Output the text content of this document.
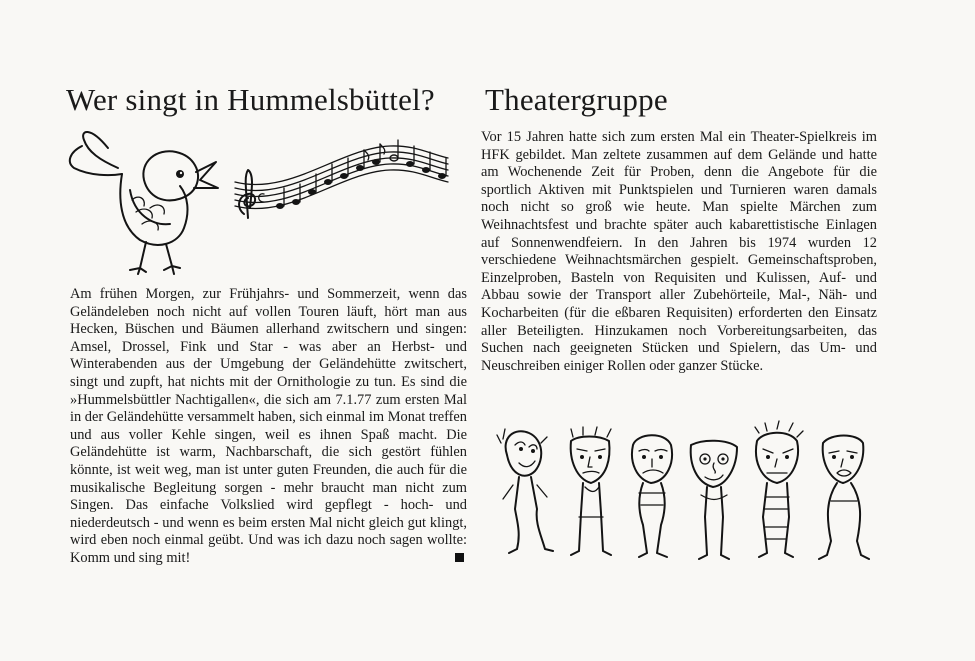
Wer singt in Hummelsbüttel? Theatergruppe

Am frühen Morgen, zur Frühjahrs- und Sommerzeit, wenn das Geländeleben noch nicht auf vollen Touren läuft, hört man aus Hecken, Büschen und Bäumen allerhand zwitschern und singen: Amsel, Drossel, Fink und Star - was aber an Herbst- und Winterabenden aus der Umgebung der Geländehütte zwitschert, singt und zupft, hat nichts mit der Ornithologie zu tun. Es sind die »Hummelsbüttler Nachtigallen«, die sich am 7.1.77 zum ersten Mal in der Geländehütte versammelt haben, sich einmal im Monat treffen und aus voller Kehle singen, weil es ihnen Spaß macht. Die Geländehütte ist warm, Nachbarschaft, die sich gestört fühlen könnte, ist weit weg, man ist unter guten Freunden, die auch für die musikalische Begleitung sorgen - mehr braucht man nicht zum Singen. Das einfache Volkslied wird gepflegt - hoch- und niederdeutsch - und wenn es beim ersten Mal nicht gleich gut klingt, wird eben noch einmal geübt. Und was ich dazu noch sagen wollte: Komm und sing mit!

Vor 15 Jahren hatte sich zum ersten Mal ein Theater-Spielkreis im HFK gebildet. Man zeltete zusammen auf dem Gelände und hatte am Wochenende Zeit für Proben, denn die Angebote für die sportlich Aktiven mit Punktspielen und Turnieren waren damals noch nicht so groß wie heute. Man spielte Märchen zum Weihnachtsfest und brachte später auch kabarettistische Einlagen auf Sonnenwendfeiern. In den Jahren bis 1974 wurden 12 verschiedene Weihnachtsmärchen gespielt. Gemeinschaftsproben, Einzelproben, Basteln von Requisiten und Kulissen, Auf- und Abbau sowie der Transport aller Zubehörteile, Mal-, Näh- und Kocharbeiten (für die eßbaren Requisiten) erforderten den Einsatz aller Beteiligten. Hinzukamen noch Vorbereitungsarbeiten, das Suchen nach geeigneten Stücken und Spielern, das Um- und Neuschreiben einiger Rollen oder ganzer Stücke.
